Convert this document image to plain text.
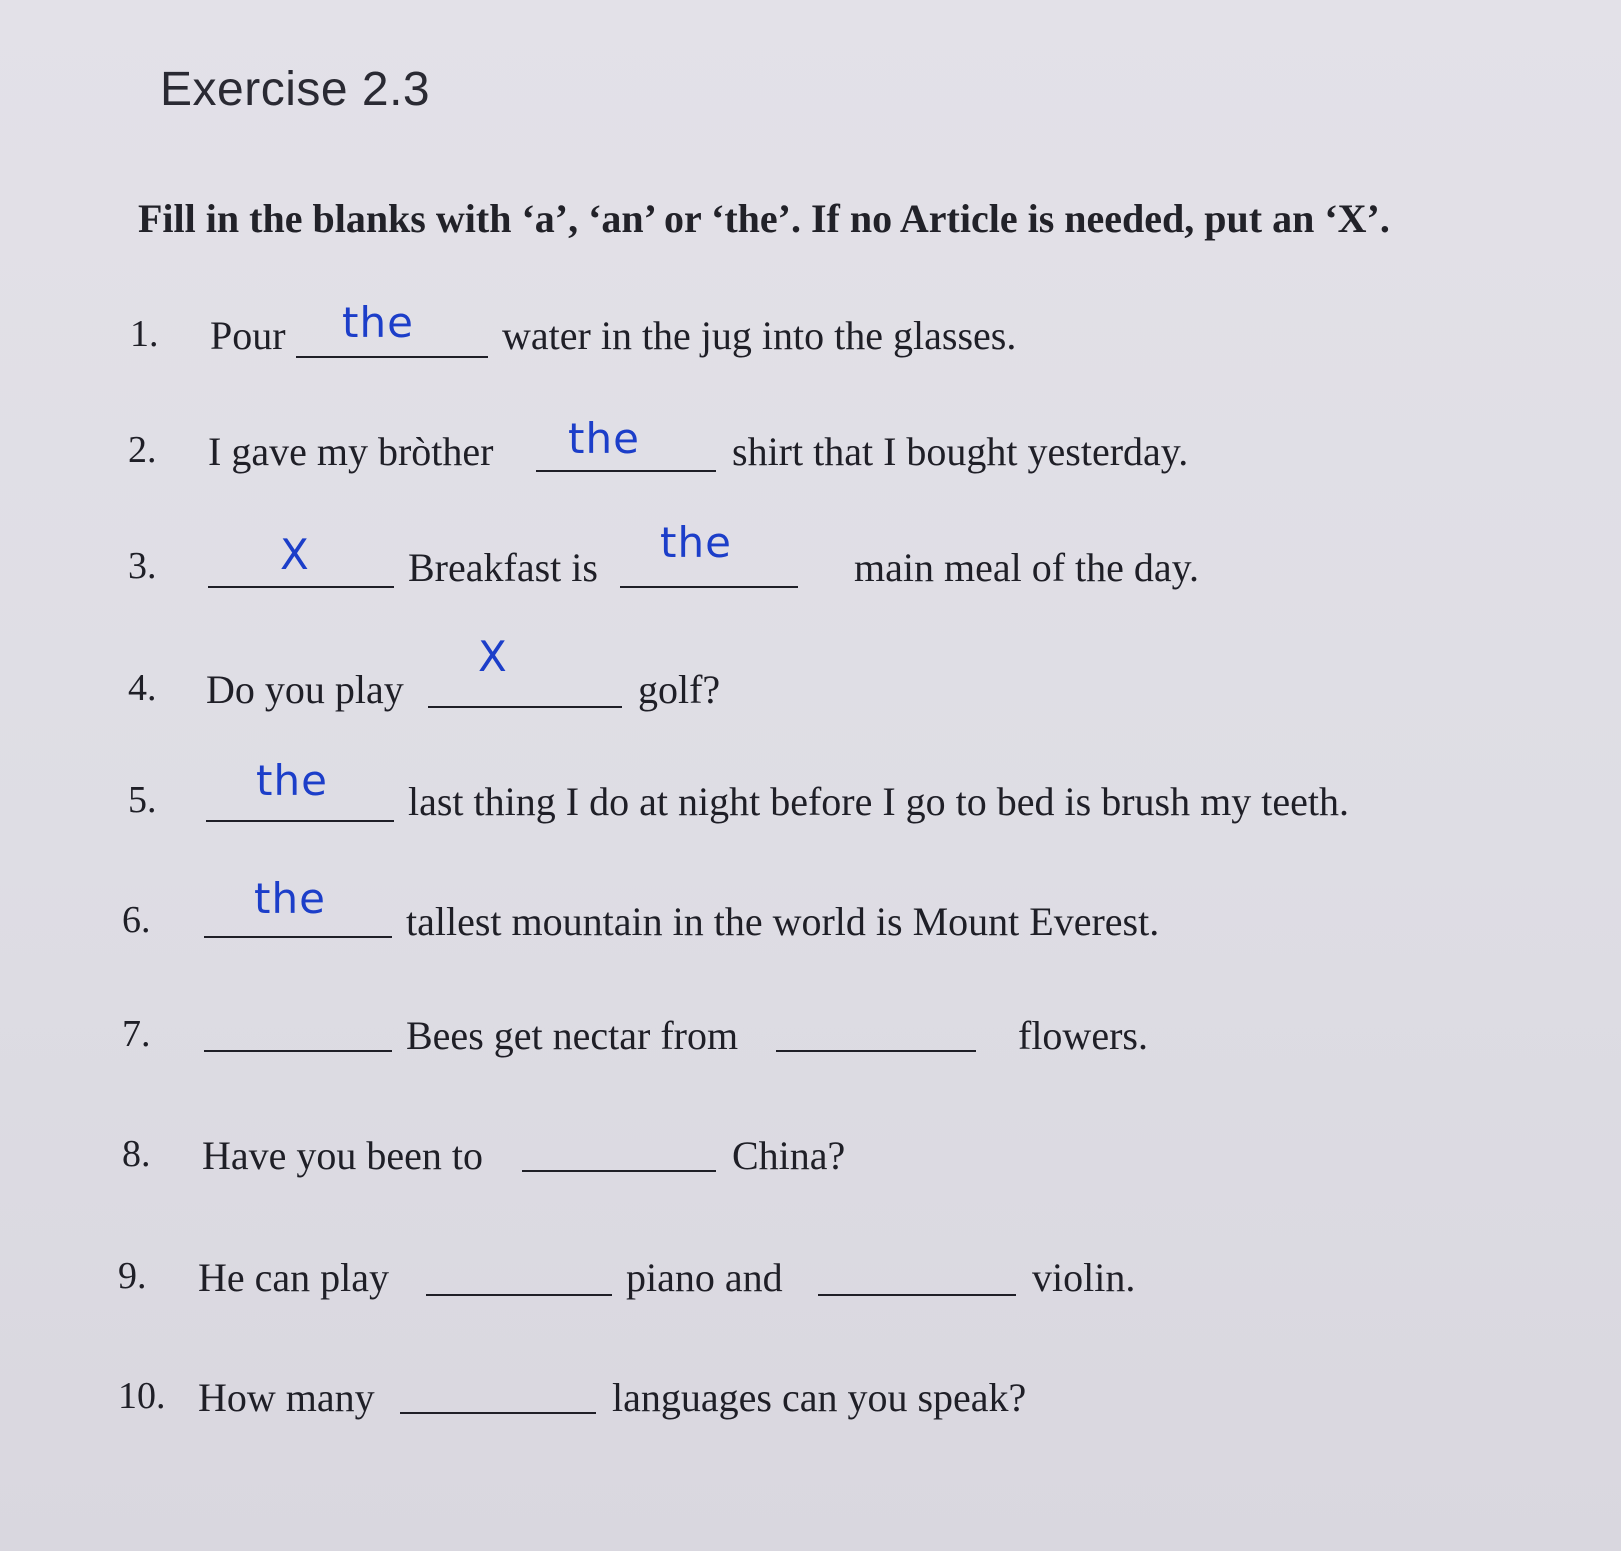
Exercise 2.3
Fill in the blanks with ‘a’, ‘an’ or ‘the’. If no Article is needed, put an ‘X’.
1. Pour the water in the jug into the glasses.
2. I gave my bròther the shirt that I bought yesterday.
3.	X Breakfast is
the
main meal of the day.
4. Do you play
X
golf?
5. the last thing I do at night before I go to bed is brush my teeth.
6. the tallest mountain in the world is Mount Everest.
7.	Bees get nectar from	flowers.
8. Have you been to	China?
9. He can play	piano and	violin.
10. How many	languages can you speak?
